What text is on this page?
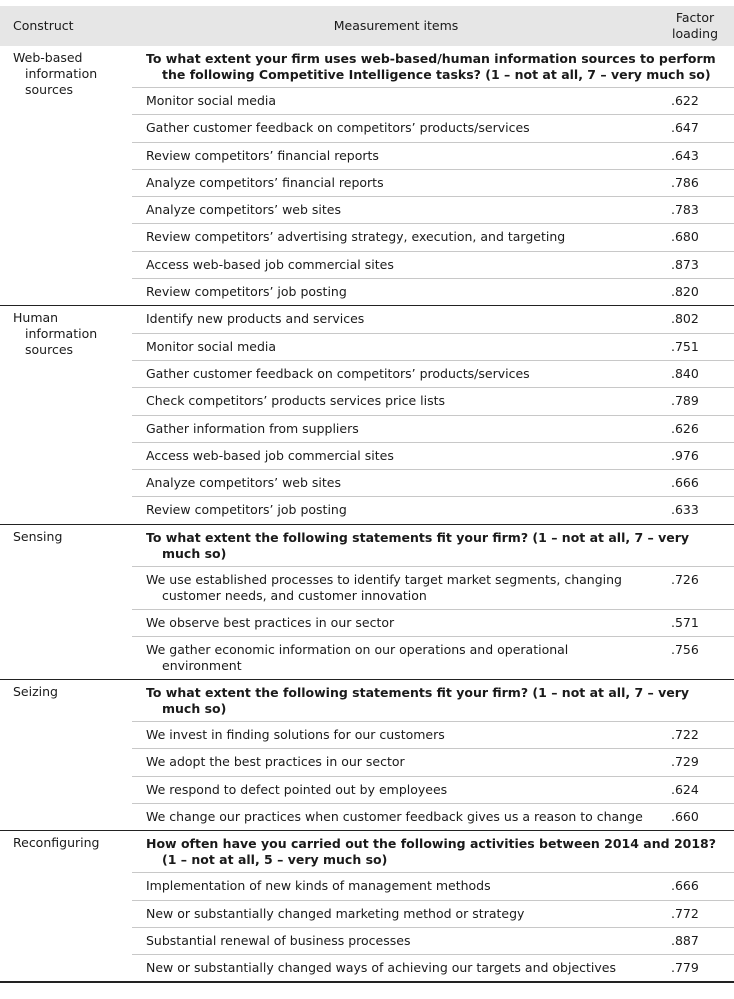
Construct	Measurement items	Factor
loading

Web-based information sources	To what extent your firm uses web-based/human information sources to perform the following Competitive Intelligence tasks? (1 – not at all, 7 – very much so)	

	Monitor social media	.622

	Gather customer feedback on competitors’ products/services	.647

	Review competitors’ financial reports	.643

	Analyze competitors’ financial reports	.786

	Analyze competitors’ web sites	.783

	Review competitors’ advertising strategy, execution, and targeting	.680

	Access web-based job commercial sites	.873

	Review competitors’ job posting	.820

Human information sources	Identify new products and services	.802

	Monitor social media	.751

	Gather customer feedback on competitors’ products/services	.840

	Check competitors’ products services price lists	.789

	Gather information from suppliers	.626

	Access web-based job commercial sites	.976

	Analyze competitors’ web sites	.666

	Review competitors’ job posting	.633

Sensing	To what extent the following statements fit your firm? (1 – not at all, 7 – very much so)	

	We use established processes to identify target market segments, changing customer needs, and customer innovation	.726

	We observe best practices in our sector	.571

	We gather economic information on our operations and operational environment	.756

Seizing	To what extent the following statements fit your firm? (1 – not at all, 7 – very much so)	

	We invest in finding solutions for our customers	.722

	We adopt the best practices in our sector	.729

	We respond to defect pointed out by employees	.624

	We change our practices when customer feedback gives us a reason to change	.660

Reconfiguring	How often have you carried out the following activities between 2014 and 2018? (1 – not at all, 5 – very much so)	

	Implementation of new kinds of management methods	.666

	New or substantially changed marketing method or strategy	.772

	Substantial renewal of business processes	.887

	New or substantially changed ways of achieving our targets and objectives	.779
